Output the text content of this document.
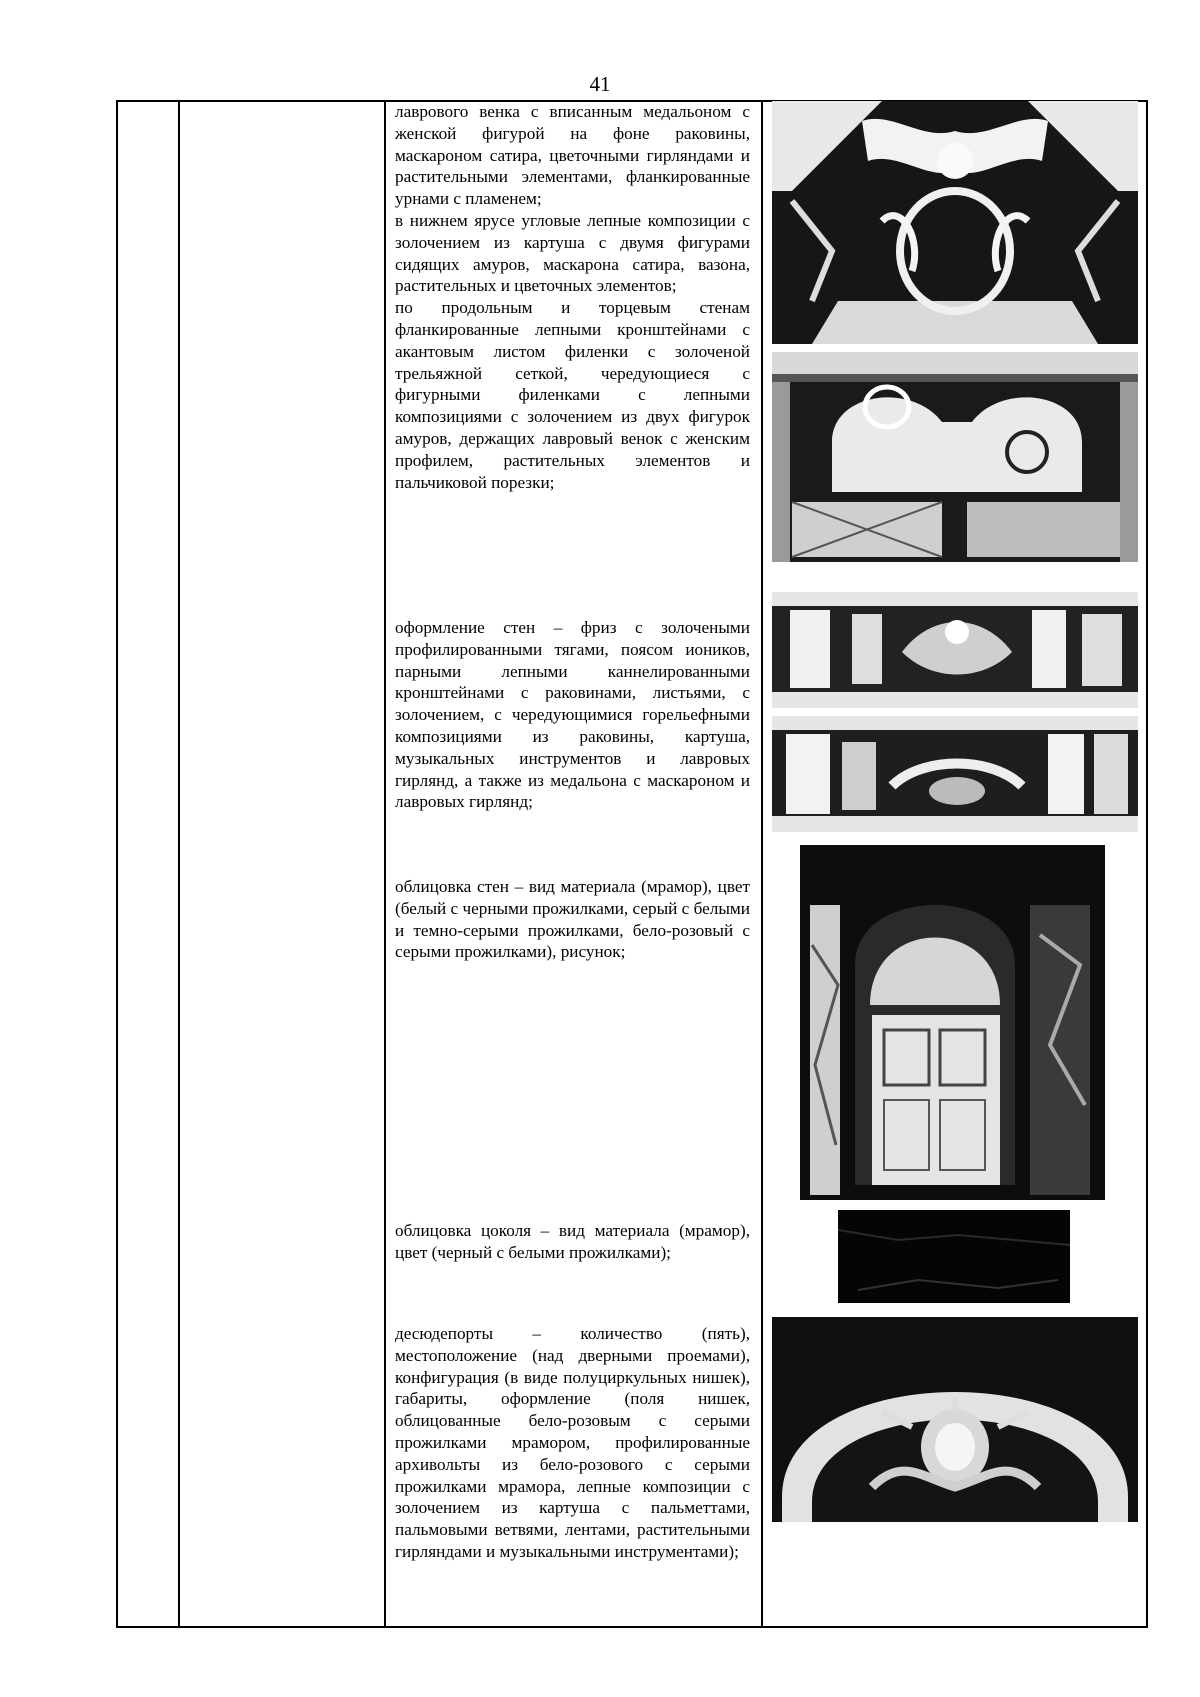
41

лаврового венка с вписанным медальоном с женской фигурой на фоне раковины, маскароном сатира, цветочными гирляндами и растительными элементами, фланкированные урнами с пламенем;

в нижнем ярусе угловые лепные композиции с золочением из картуша с двумя фигурами сидящих амуров, маскарона сатира, вазона, растительных и цветочных элементов;

по продольным и торцевым стенам фланкированные лепными кронштейнами с акантовым листом филенки с золоченой трельяжной сеткой, чередующиеся с фигурными филенками с лепными композициями с золочением из двух фигурок амуров, держащих лавровый венок с женским профилем, растительных элементов и пальчиковой порезки;

оформление стен – фриз с золочеными профилированными тягами, поясом иоников, парными лепными каннелированными кронштейнами с раковинами, листьями, с золочением, с чередующимися горельефными композициями из раковины, картуша, музыкальных инструментов и лавровых гирлянд, а также из медальона с маскароном и лавровых гирлянд;

облицовка стен – вид материала (мрамор), цвет (белый с черными прожилками, серый с белыми и темно-серыми прожилками, бело-розовый с серыми прожилками), рисунок;

облицовка цоколя – вид материала (мрамор), цвет (черный с белыми прожилками);

десюдепорты – количество (пять), местоположение (над дверными проемами), конфигурация (в виде полуциркульных нишек), габариты, оформление (поля нишек, облицованные бело-розовым с серыми прожилками мрамором, профилированные архивольты из бело-розового с серыми прожилками мрамора, лепные композиции с золочением из картуша с пальметтами, пальмовыми ветвями, лентами, растительными гирляндами и музыкальными инструментами);
